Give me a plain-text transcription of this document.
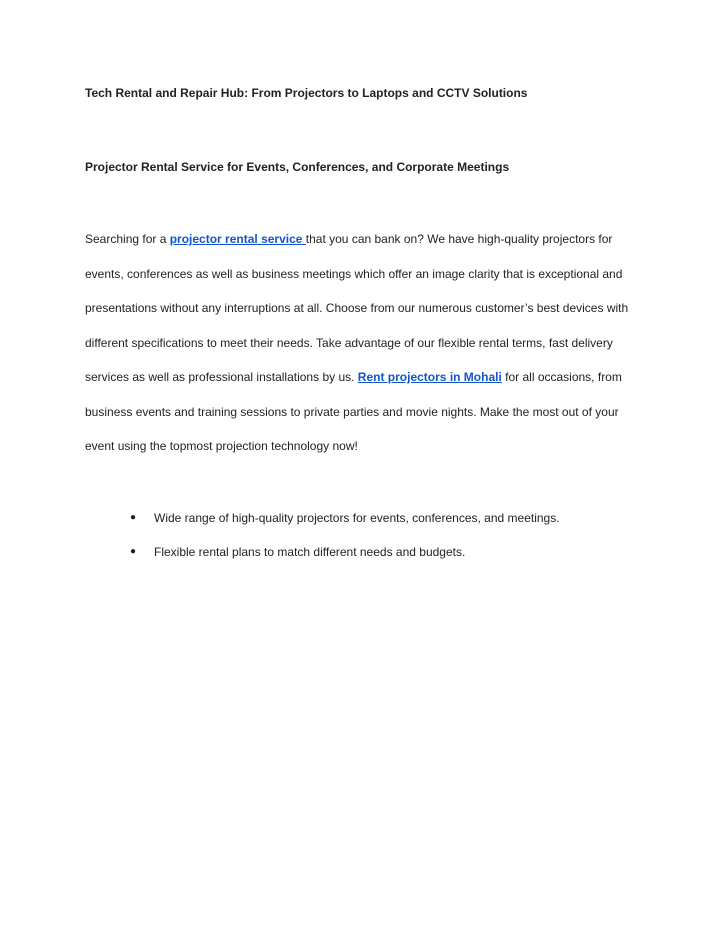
Tech Rental and Repair Hub: From Projectors to Laptops and CCTV Solutions

Projector Rental Service for Events, Conferences, and Corporate Meetings

Searching for a projector rental service that you can bank on? We have high-quality projectors for
events, conferences as well as business meetings which offer an image clarity that is exceptional and
presentations without any interruptions at all. Choose from our numerous customer’s best devices with
different specifications to meet their needs. Take advantage of our flexible rental terms, fast delivery
services as well as professional installations by us. Rent projectors in Mohali for all occasions, from
business events and training sessions to private parties and movie nights. Make the most out of your
event using the topmost projection technology now!
●	Wide range of high-quality projectors for events, conferences, and meetings.
●	Flexible rental plans to match different needs and budgets.
